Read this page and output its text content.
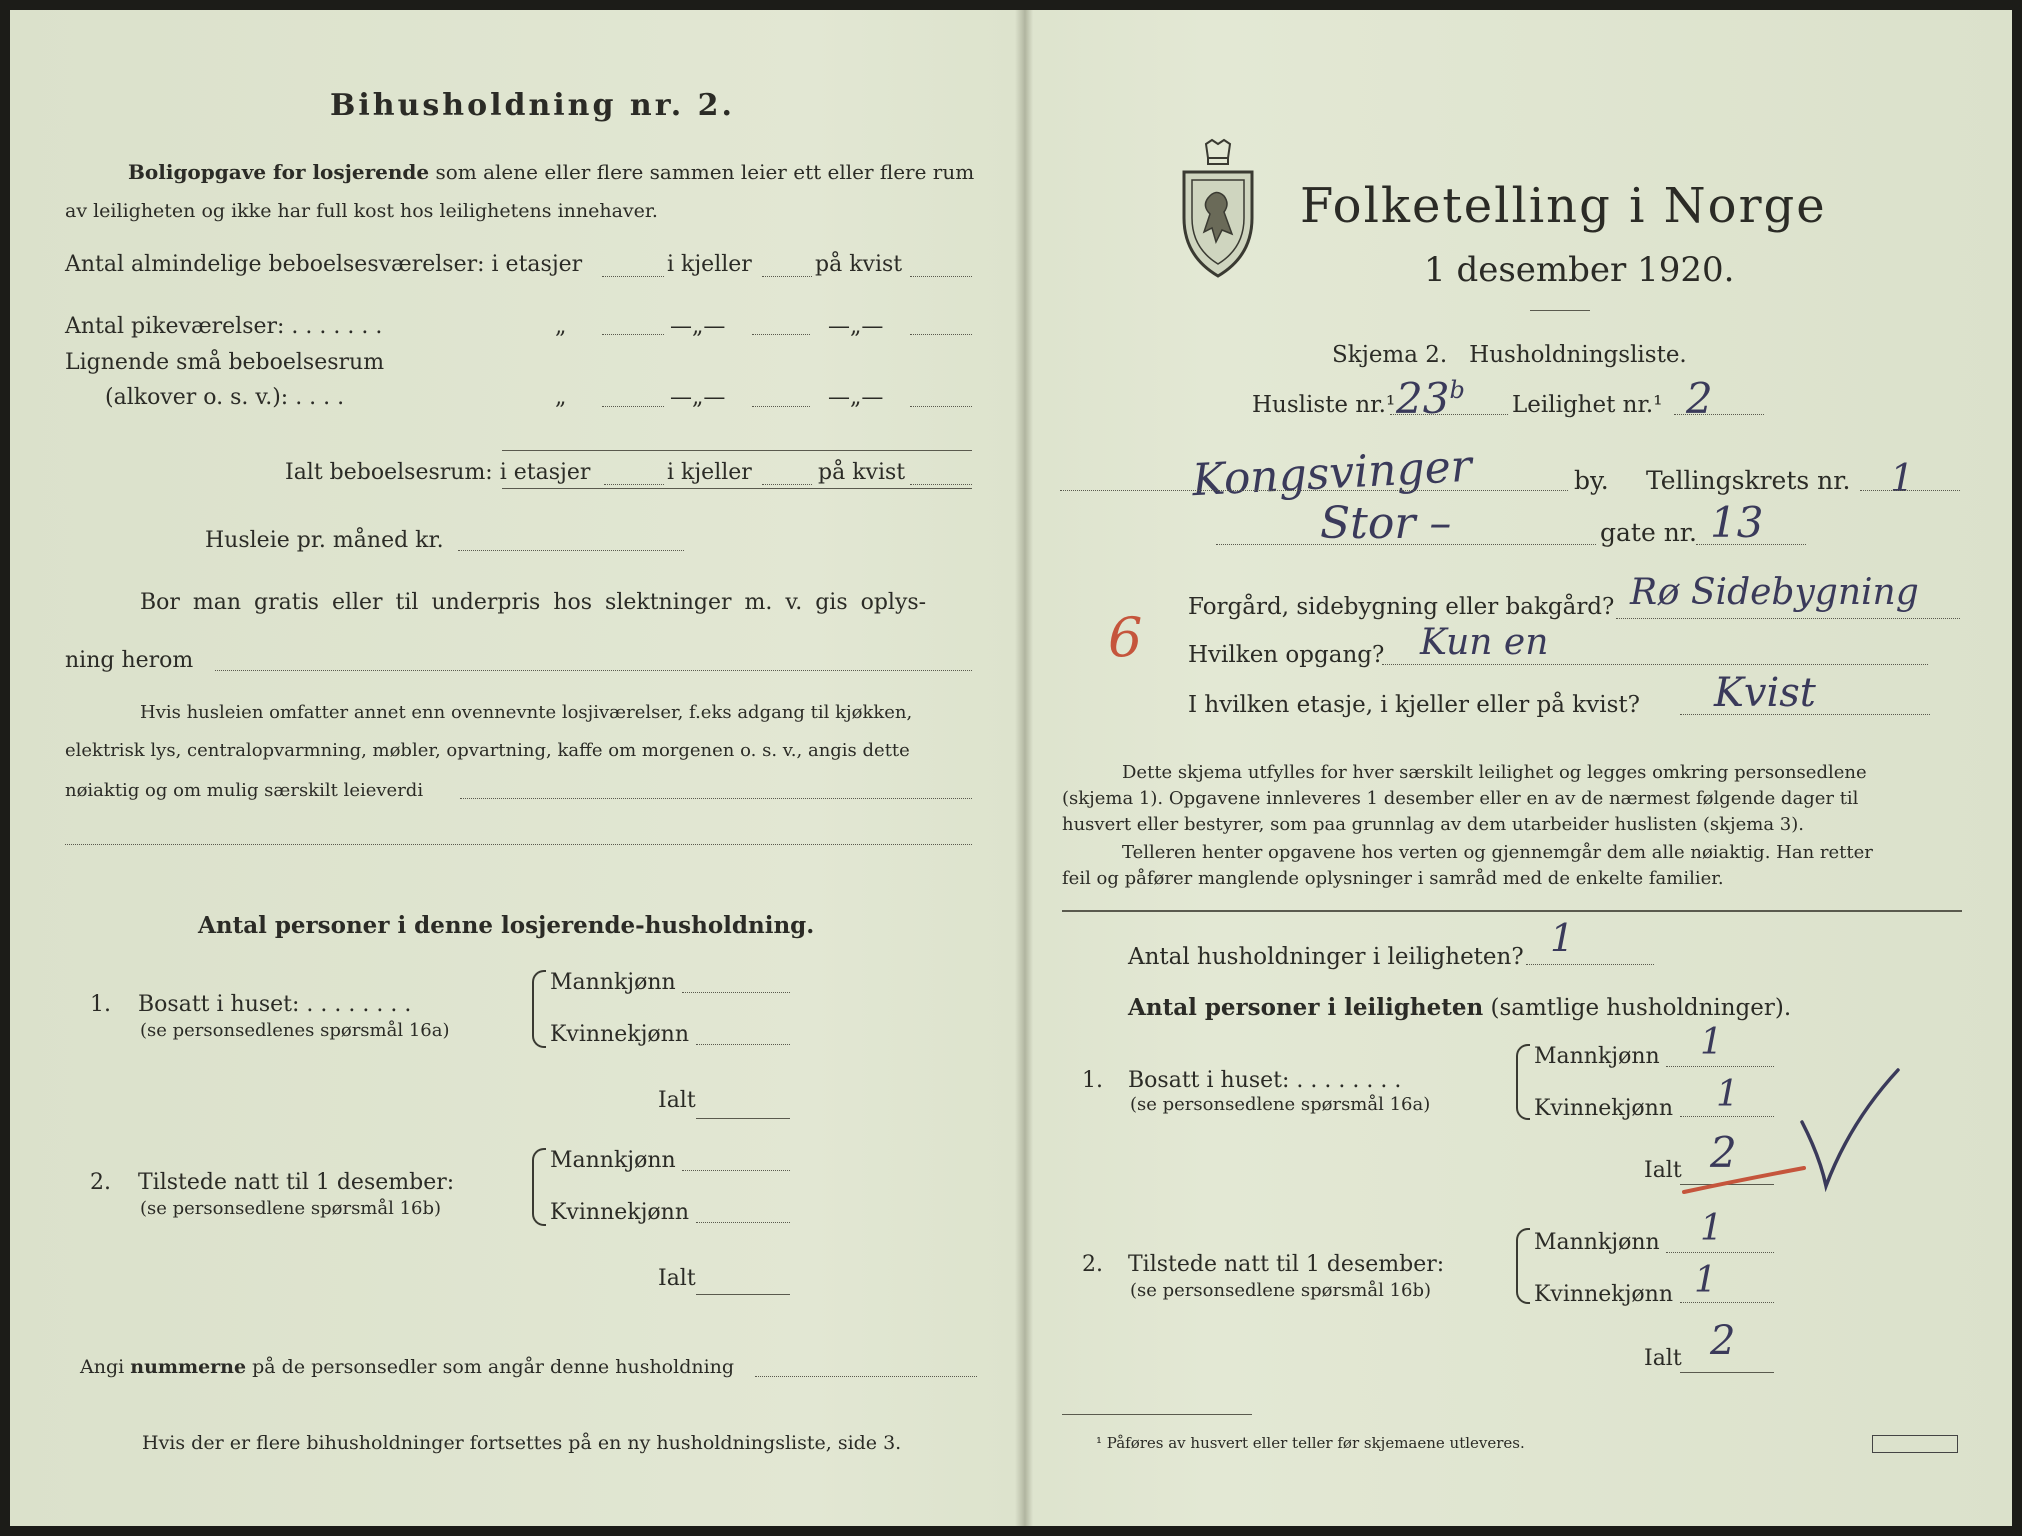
Bihusholdning nr. 2.
Boligopgave for losjerende som alene eller flere sammen leier ett eller flere rum
av leiligheten og ikke har full kost hos leilighetens innehaver.
Antal almindelige beboelsesværelser: i etasjer	i kjeller	på kvist
Antal pikeværelser: . . . . . . .	„	—„—	—„—
Lignende små beboelsesrum
(alkover o. s. v.): . . . .	„	—„—	—„—
Ialt beboelsesrum: i etasjer	i kjeller	på kvist
Husleie pr. måned kr.
Bor man gratis eller til underpris hos slektninger m. v. gis oplys-
ning herom
Hvis husleien omfatter annet enn ovennevnte losjiværelser, f.eks adgang til kjøkken,
elektrisk lys, centralopvarmning, møbler, opvartning, kaffe om morgenen o. s. v., angis dette
nøiaktig og om mulig særskilt leieverdi
Antal personer i denne losjerende-husholdning.
1. Bosatt i huset: . . . . . . . .
(se personsedlenes spørsmål 16a)
Mannkjønn
Kvinnekjønn
Ialt
2. Tilstede natt til 1 desember:
(se personsedlene spørsmål 16b)
Mannkjønn
Kvinnekjønn
Ialt
Angi nummerne på de personsedler som angår denne husholdning
Hvis der er flere bihusholdninger fortsettes på en ny husholdningsliste, side 3.
Folketelling i Norge
1 desember 1920.
Skjema 2.   Husholdningsliste.
Husliste nr.¹ 23$^b$
Leilighet nr.¹ 2
Kongsvinger	by. Tellingskrets nr. 1
Stor –	gate nr. 13
6 Forgård, sidebygning eller bakgård? Rø Sidebygning
Hvilken opgang? Kun en
I hvilken etasje, i kjeller eller på kvist? Kvist
Dette skjema utfylles for hver særskilt leilighet og legges omkring personsedlene
(skjema 1). Opgavene innleveres 1 desember eller en av de nærmest følgende dager til
husvert eller bestyrer, som paa grunnlag av dem utarbeider huslisten (skjema 3).
Telleren henter opgavene hos verten og gjennemgår dem alle nøiaktig. Han retter
feil og påfører manglende oplysninger i samråd med de enkelte familier.
Antal husholdninger i leiligheten? 1
Antal personer i leiligheten (samtlige husholdninger).
1. Bosatt i huset: . . . . . . . .
(se personsedlene spørsmål 16a)
Mannkjønn 1
Kvinnekjønn 1
Ialt 2
2. Tilstede natt til 1 desember:
(se personsedlene spørsmål 16b)
Mannkjønn 1
Kvinnekjønn 1
Ialt 2
¹ Påføres av husvert eller teller før skjemaene utleveres.
